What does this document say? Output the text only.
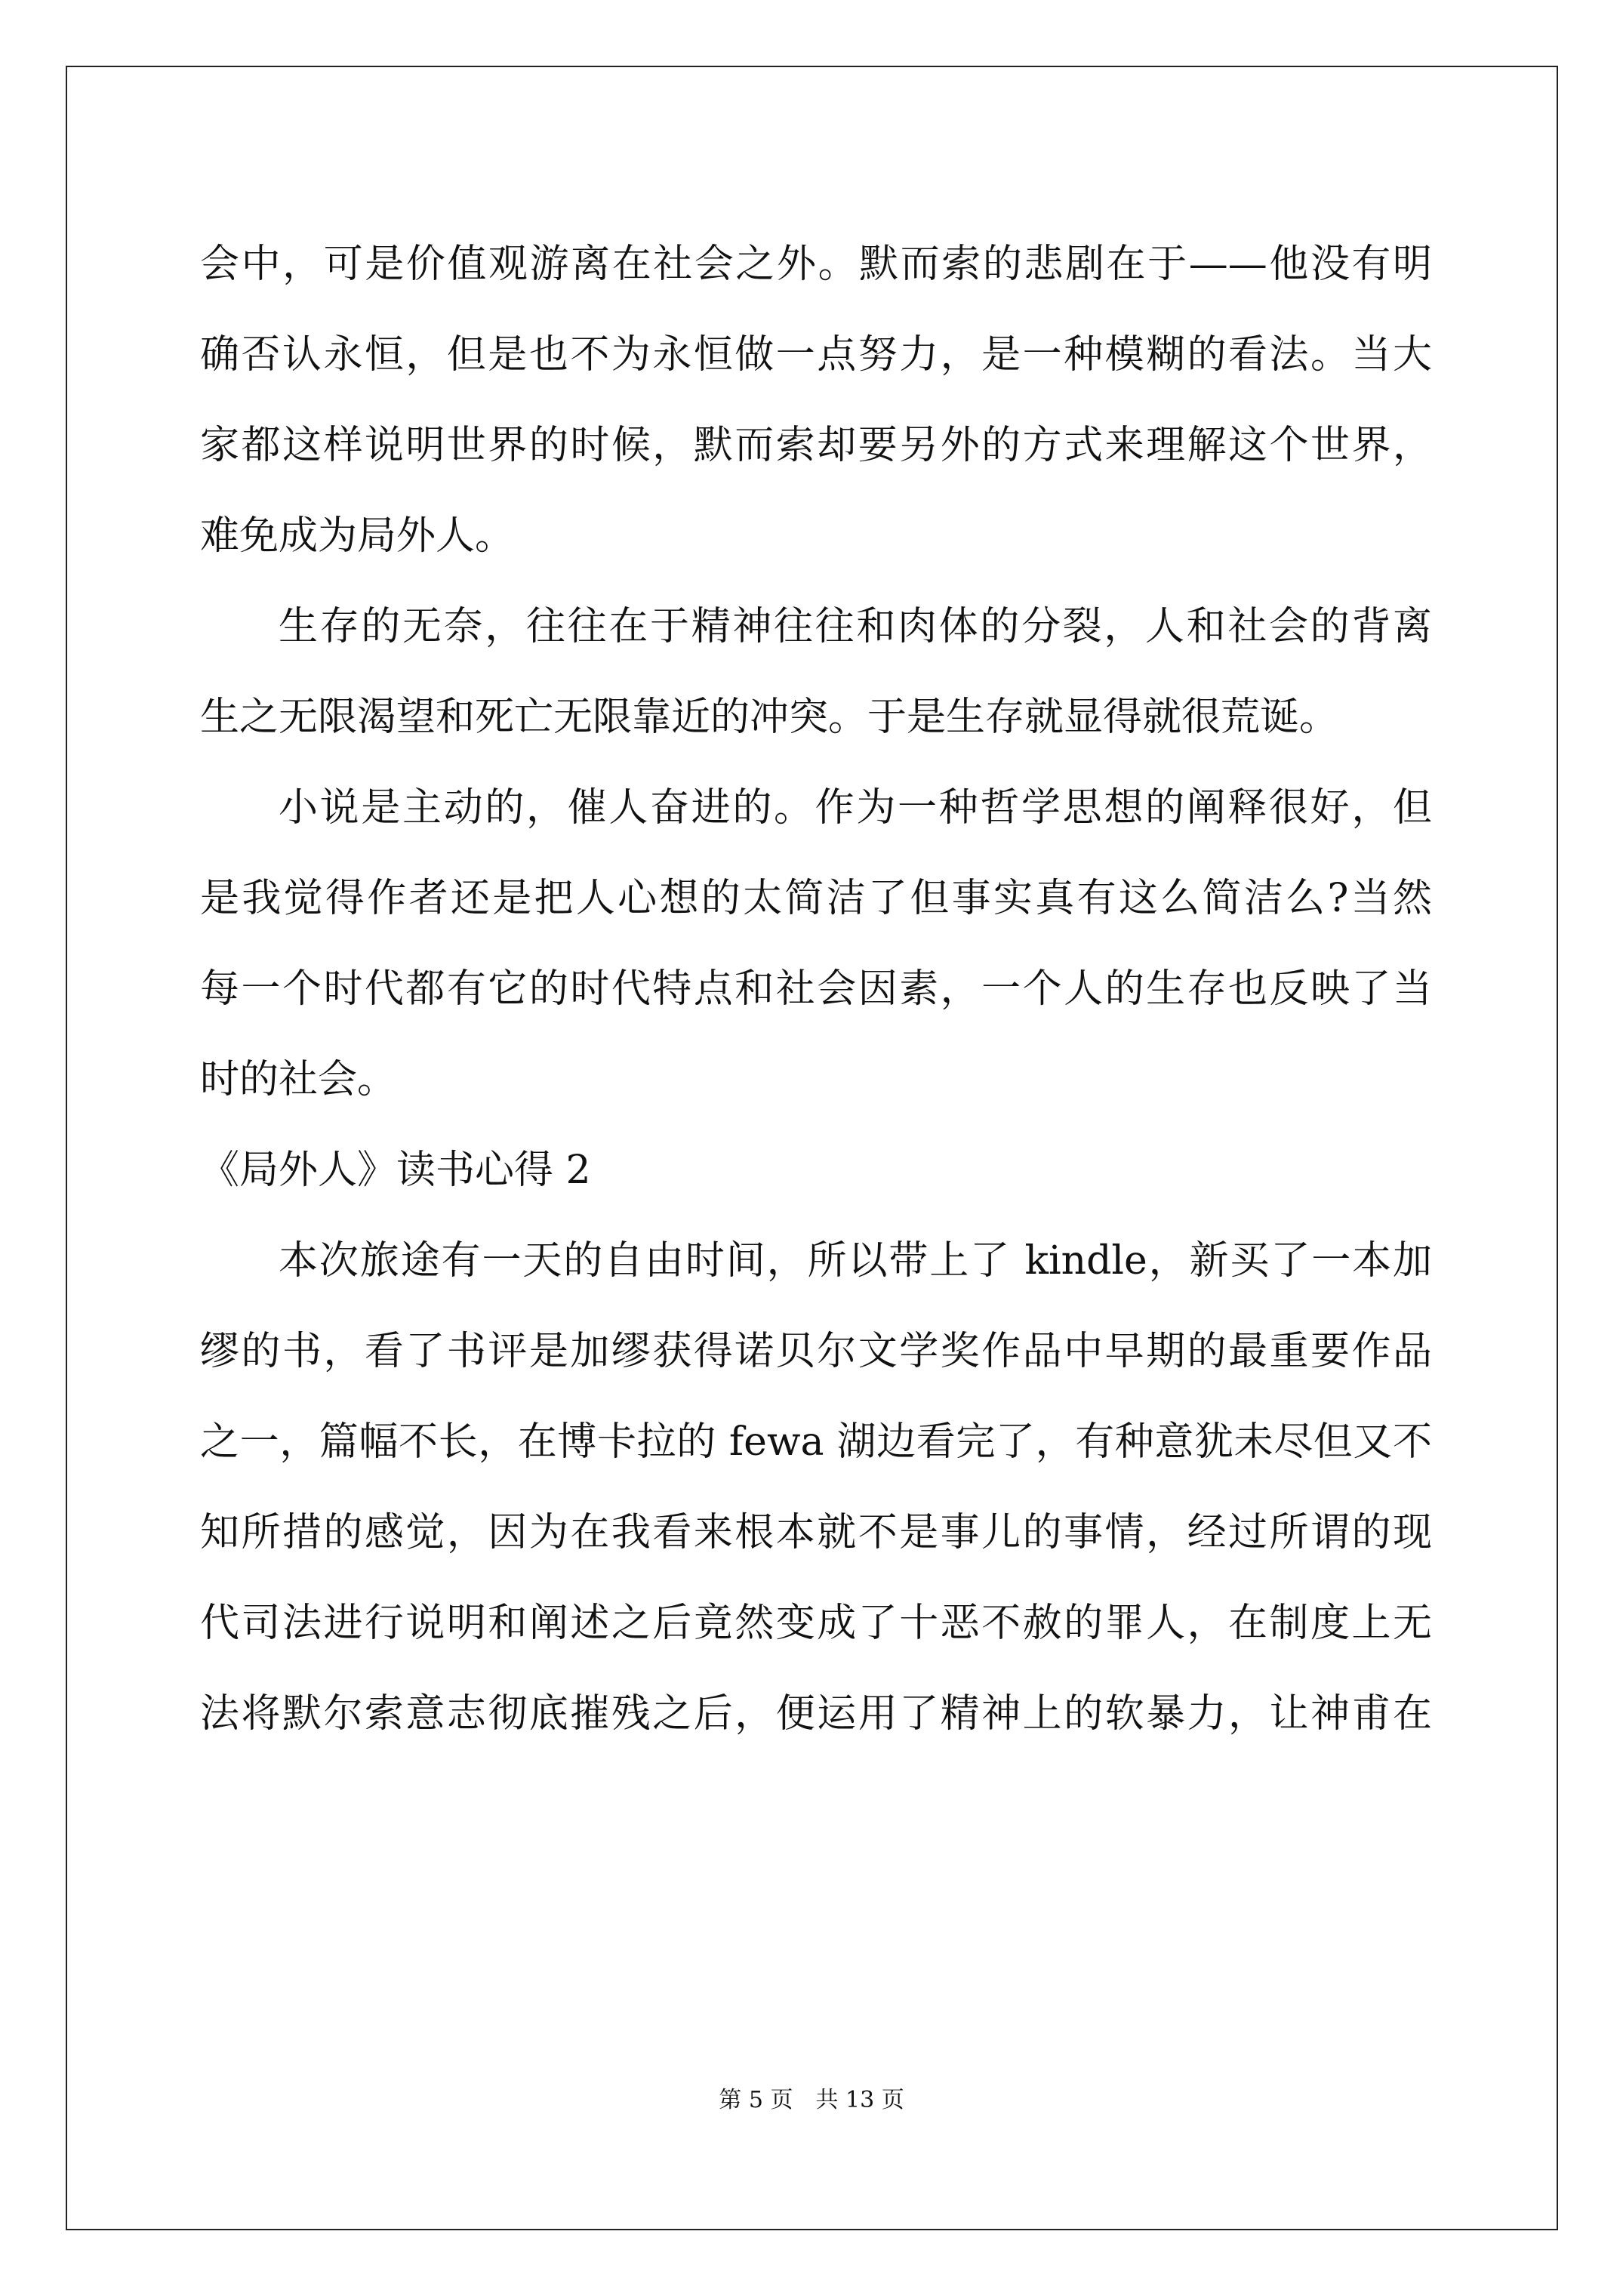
会中，可是价值观游离在社会之外。默而索的悲剧在于——他没有明
确否认永恒，但是也不为永恒做一点努力，是一种模糊的看法。当大
家都这样说明世界的时候，默而索却要另外的方式来理解这个世界，
难免成为局外人。
生存的无奈，往往在于精神往往和肉体的分裂，人和社会的背离
生之无限渴望和死亡无限靠近的冲突。于是生存就显得就很荒诞。
小说是主动的，催人奋进的。作为一种哲学思想的阐释很好，但
是我觉得作者还是把人心想的太简洁了但事实真有这么简洁么?当然
每一个时代都有它的时代特点和社会因素，一个人的生存也反映了当
时的社会。
《局外人》读书心得 2
本次旅途有一天的自由时间，所以带上了 kindle，新买了一本加
缪的书，看了书评是加缪获得诺贝尔文学奖作品中早期的最重要作品
之一，篇幅不长，在博卡拉的 fewa 湖边看完了，有种意犹未尽但又不
知所措的感觉，因为在我看来根本就不是事儿的事情，经过所谓的现
代司法进行说明和阐述之后竟然变成了十恶不赦的罪人，在制度上无
法将默尔索意志彻底摧残之后，便运用了精神上的软暴力，让神甫在
第 5 页　共 13 页
